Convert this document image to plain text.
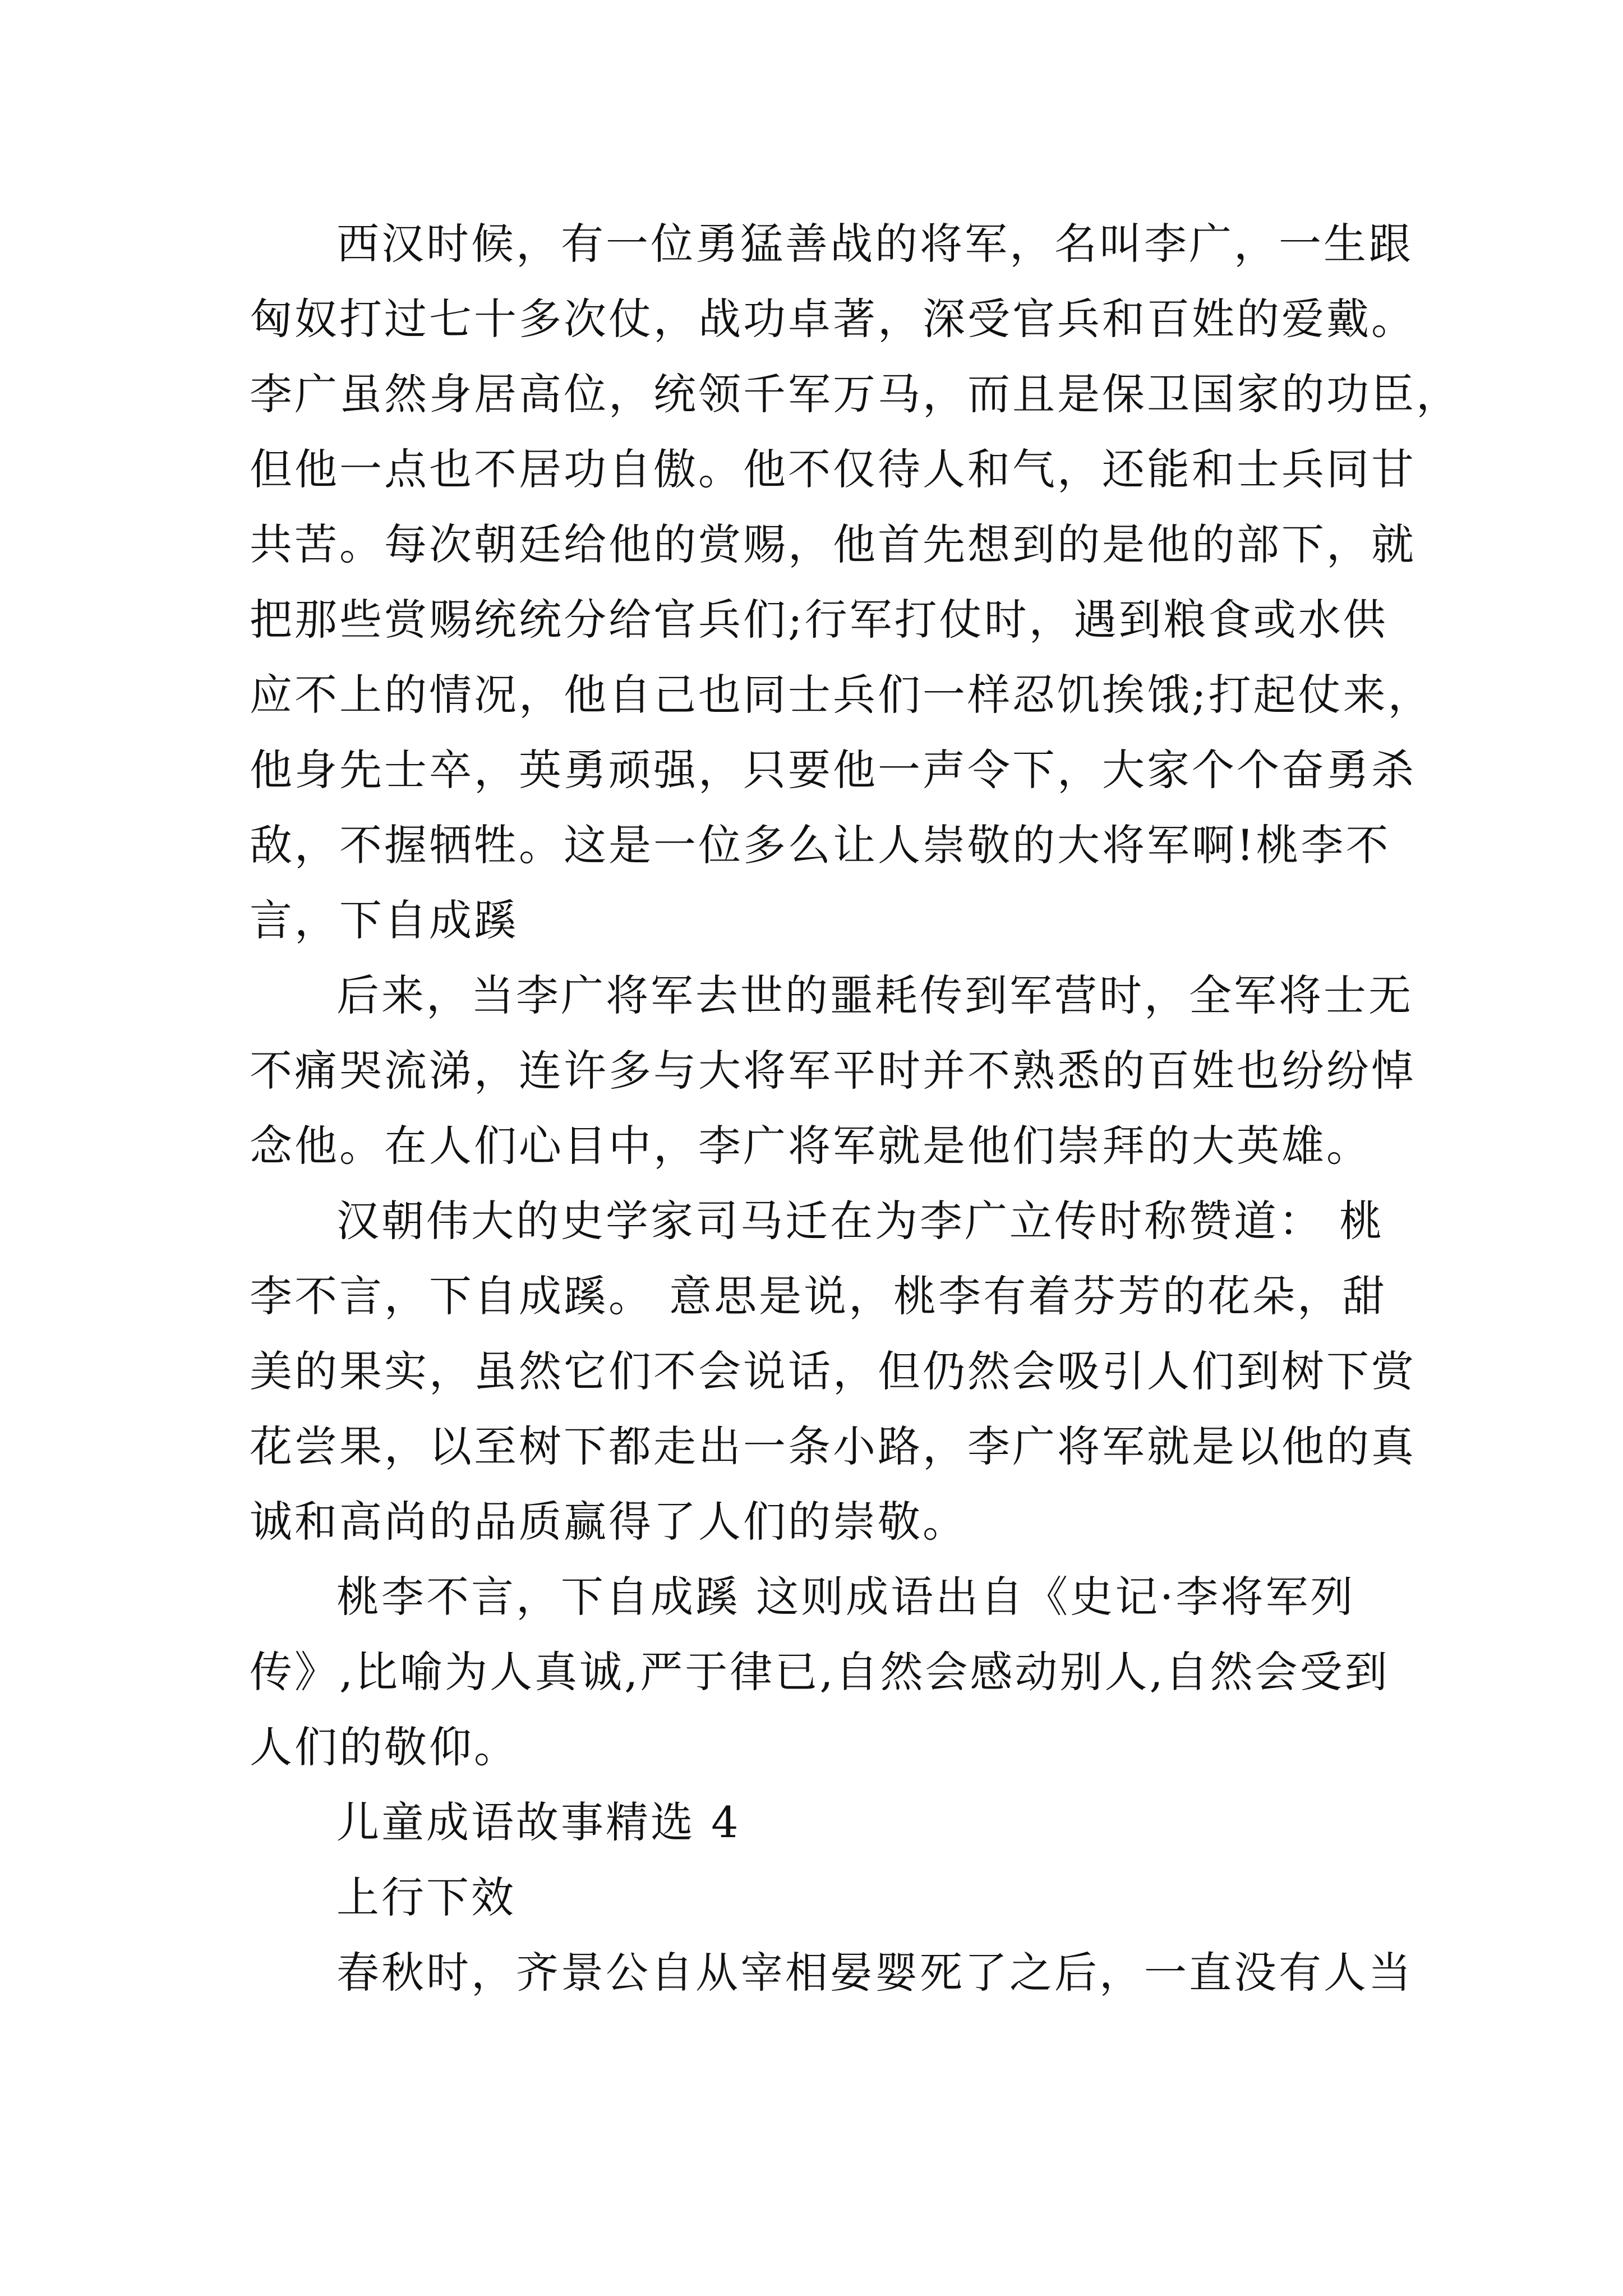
西汉时候，有一位勇猛善战的将军，名叫李广，一生跟
匈奴打过七十多次仗，战功卓著，深受官兵和百姓的爱戴。
李广虽然身居高位，统领千军万马，而且是保卫国家的功臣，
但他一点也不居功自傲。他不仅待人和气，还能和士兵同甘
共苦。每次朝廷给他的赏赐，他首先想到的是他的部下，就
把那些赏赐统统分给官兵们;行军打仗时，遇到粮食或水供
应不上的情况，他自己也同士兵们一样忍饥挨饿;打起仗来，
他身先士卒，英勇顽强，只要他一声令下，大家个个奋勇杀
敌，不握牺牲。这是一位多么让人崇敬的大将军啊!桃李不
言，下自成蹊
后来，当李广将军去世的噩耗传到军营时，全军将士无
不痛哭流涕，连许多与大将军平时并不熟悉的百姓也纷纷悼
念他。在人们心目中，李广将军就是他们崇拜的大英雄。
汉朝伟大的史学家司马迁在为李广立传时称赞道： 桃
李不言，下自成蹊。 意思是说，桃李有着芬芳的花朵，甜
美的果实，虽然它们不会说话，但仍然会吸引人们到树下赏
花尝果，以至树下都走出一条小路，李广将军就是以他的真
诚和高尚的品质赢得了人们的崇敬。
桃李不言，下自成蹊 这则成语出自《史记·李将军列
传》,比喻为人真诚,严于律已,自然会感动别人,自然会受到
人们的敬仰。
儿童成语故事精选 4
上行下效
春秋时，齐景公自从宰相晏婴死了之后，一直没有人当
